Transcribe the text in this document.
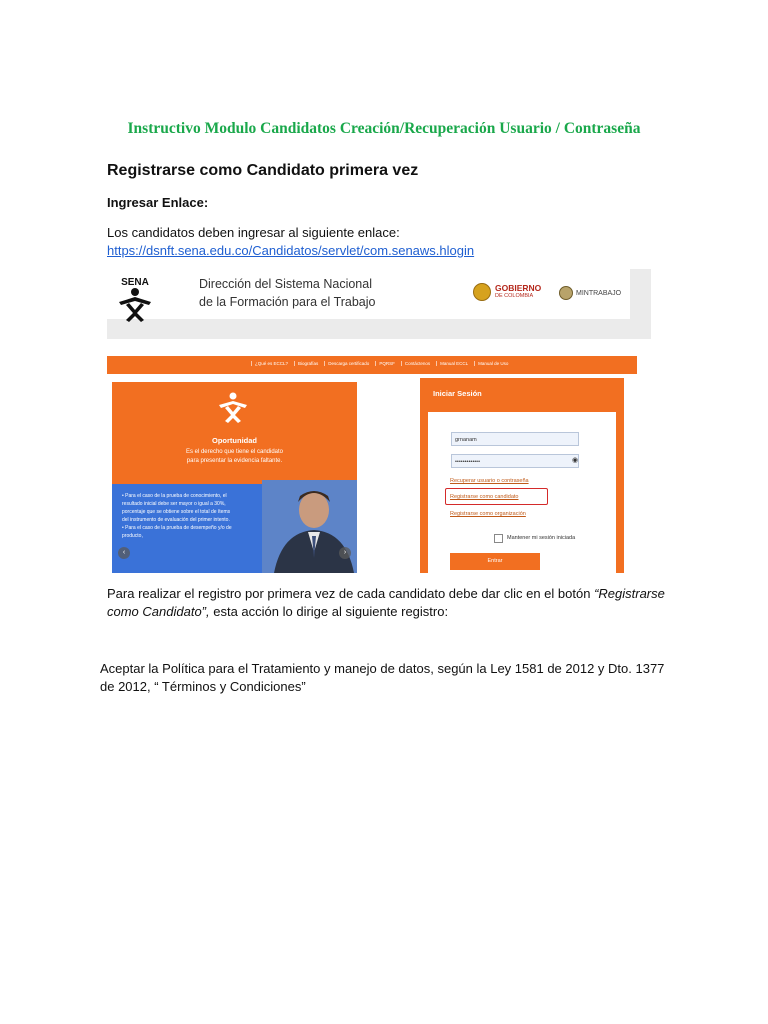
Instructivo Modulo Candidatos Creación/Recuperación Usuario / Contraseña
Registrarse como Candidato primera vez
Ingresar Enlace:
Los candidatos deben ingresar al siguiente enlace:
https://dsnft.sena.edu.co/Candidatos/servlet/com.senaws.hlogin
SENA	Dirección del Sistema Nacional
de la Formación para el Trabajo
GOBIERNO
DE COLOMBIA	MINTRABAJO
¿Qué es ECCL?	Biografías	Descarga certificado	PQRSF	Contáctenos	Manual ECCL	Manual de Uso
Oportunidad
Es el derecho que tiene el candidato
para presentar la evidencia faltante.
• Para el caso de la prueba de conocimiento, el resultado inicial debe ser mayor o igual a 30%, porcentaje que se obtiene sobre el total de ítems del instrumento de evaluación del primer intento.
• Para el caso de la prueba de desempeño y/o de producto,
‹	›
Iniciar Sesión
grnanam
•••••••••••••	◉
Recuperar usuario o contraseña
Registrarse como candidato
Registrarse como organización
Mantener mi sesión iniciada
Entrar
Para realizar el registro por primera vez de cada candidato debe dar clic en el botón “Registrarse como Candidato”, esta acción lo dirige al siguiente registro:
Aceptar la Política para el Tratamiento y manejo de datos, según la Ley 1581 de 2012 y Dto. 1377 de 2012, “ Términos y Condiciones”
